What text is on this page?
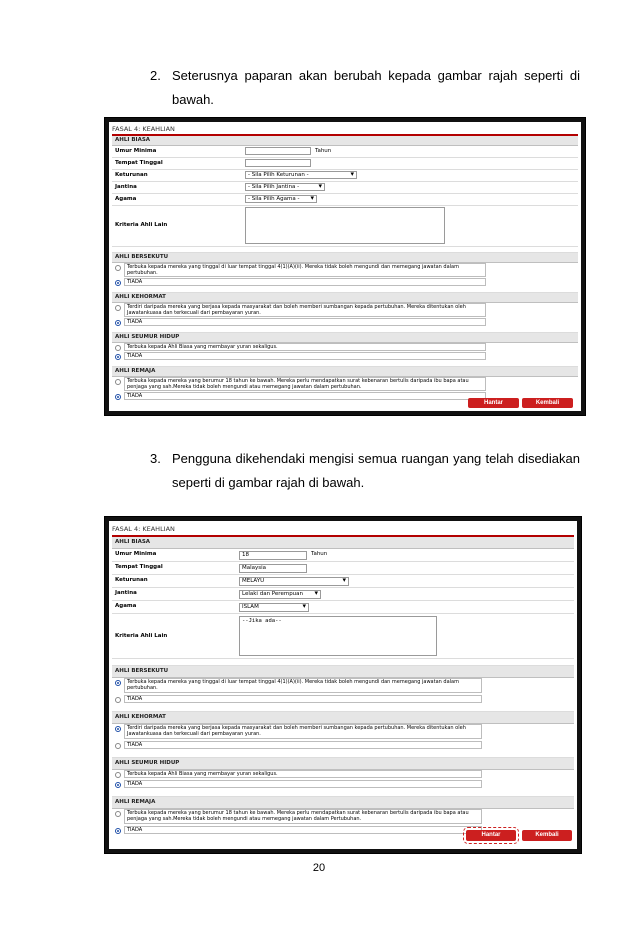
2. Seterusnya paparan akan berubah kepada gambar rajah seperti di
bawah.
FASAL 4: KEAHLIAN
AHLI BIASA
Umur Minima	Tahun
Tempat Tinggal
Keturunan	- Sila Pilih Keturunan - ▾
Jantina	- Sila Pilih Jantina - ▾
Agama	- Sila Pilih Agama - ▾
Kriteria Ahli Lain
AHLI BERSEKUTU
Terbuka kepada mereka yang tinggal di luar tempat tinggal 4(1)(A)(ii). Mereka tidak boleh mengundi dan memegang jawatan dalam pertubuhan.
TIADA
AHLI KEHORMAT
Terdiri daripada mereka yang berjasa kepada masyarakat dan boleh memberi sumbangan kepada pertubuhan. Mereka ditentukan oleh Jawatankuasa dan terkecuali dari pembayaran yuran.
TIADA
AHLI SEUMUR HIDUP
Terbuka kepada Ahli Biasa yang membayar yuran sekaligus.
TIADA
AHLI REMAJA
Terbuka kepada mereka yang berumur 18 tahun ke bawah. Mereka perlu mendapatkan surat kebenaran bertulis daripada ibu bapa atau penjaga yang sah.Mereka tidak boleh mengundi atau memegang jawatan dalam pertubuhan.
TIADA
Hantar	Kembali
3. Pengguna dikehendaki mengisi semua ruangan yang telah disediakan
seperti di gambar rajah di bawah.
FASAL 4: KEAHLIAN
AHLI BIASA
Umur Minima	18	Tahun
Tempat Tinggal	Malaysia
Keturunan	MELAYU ▾
Jantina	Lelaki dan Perempuan ▾
Agama	ISLAM ▾
Kriteria Ahli Lain
--Jika ada--
AHLI BERSEKUTU
Terbuka kepada mereka yang tinggal di luar tempat tinggal 4(1)(A)(ii). Mereka tidak boleh mengundi dan memegang jawatan dalam pertubuhan.
TIADA
AHLI KEHORMAT
Terdiri daripada mereka yang berjasa kepada masyarakat dan boleh memberi sumbangan kepada pertubuhan. Mereka ditentukan oleh Jawatankuasa dan terkecuali dari pembayaran yuran.
TIADA
AHLI SEUMUR HIDUP
Terbuka kepada Ahli Biasa yang membayar yuran sekaligus.
TIADA
AHLI REMAJA
Terbuka kepada mereka yang berumur 18 tahun ke bawah. Mereka perlu mendapatkan surat kebenaran bertulis daripada ibu bapa atau penjaga yang sah.Mereka tidak boleh mengundi atau memegang jawatan dalam Pertubuhan.
TIADA
Hantar	Kembali
20
